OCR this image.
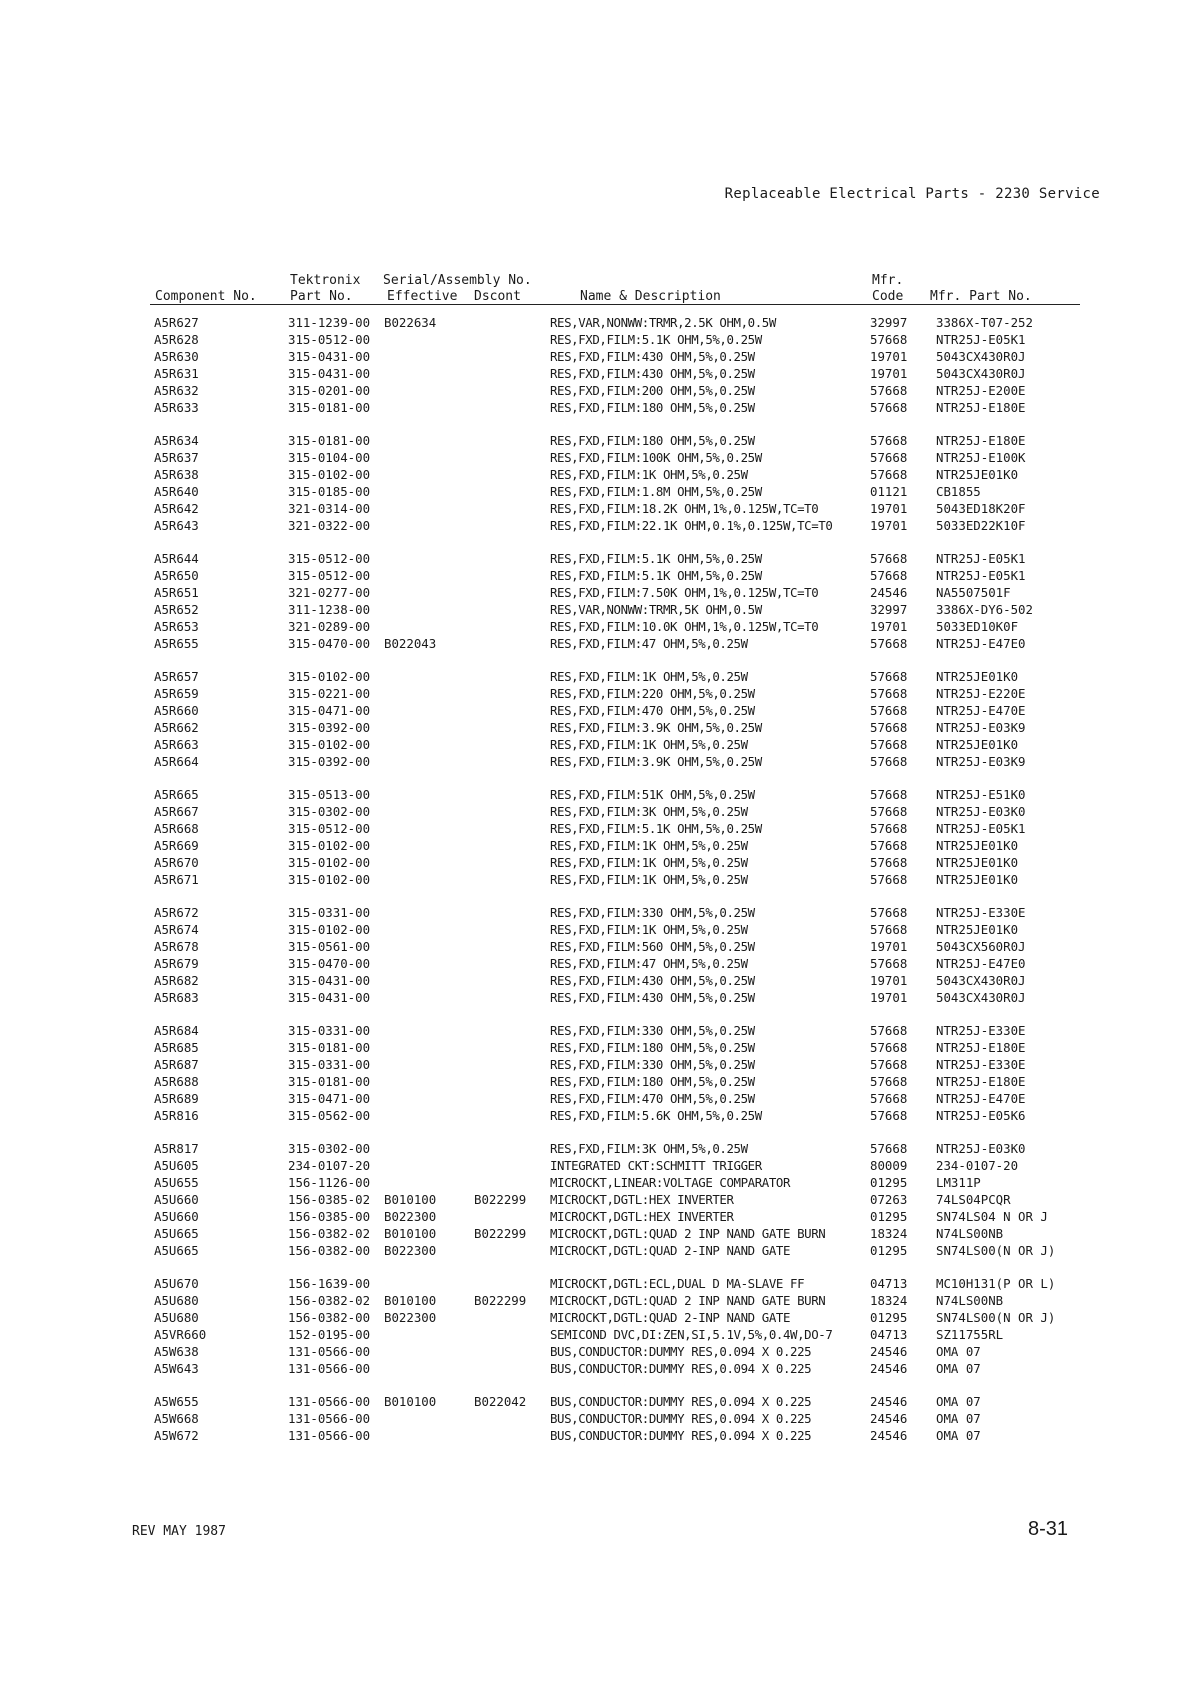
Replaceable Electrical Parts - 2230 Service
Tektronix Serial/Assembly No.	Mfr.
Component No.	Part No.	Effective Dscont	Name & Description	Code Mfr. Part No.
A5R627	311-1239-00 B022634	RES,VAR,NONWW:TRMR,2.5K OHM,0.5W	32997 3386X-T07-252
A5R628	315-0512-00	RES,FXD,FILM:5.1K OHM,5%,0.25W	57668 NTR25J-E05K1
A5R630	315-0431-00	RES,FXD,FILM:430 OHM,5%,0.25W	19701 5043CX430R0J
A5R631	315-0431-00	RES,FXD,FILM:430 OHM,5%,0.25W	19701 5043CX430R0J
A5R632	315-0201-00	RES,FXD,FILM:200 OHM,5%,0.25W	57668 NTR25J-E200E
A5R633	315-0181-00	RES,FXD,FILM:180 OHM,5%,0.25W	57668 NTR25J-E180E
A5R634	315-0181-00	RES,FXD,FILM:180 OHM,5%,0.25W	57668 NTR25J-E180E
A5R637	315-0104-00	RES,FXD,FILM:100K OHM,5%,0.25W	57668 NTR25J-E100K
A5R638	315-0102-00	RES,FXD,FILM:1K OHM,5%,0.25W	57668 NTR25JE01K0
A5R640	315-0185-00	RES,FXD,FILM:1.8M OHM,5%,0.25W	01121 CB1855
A5R642	321-0314-00	RES,FXD,FILM:18.2K OHM,1%,0.125W,TC=T0	19701 5043ED18K20F
A5R643	321-0322-00	RES,FXD,FILM:22.1K OHM,0.1%,0.125W,TC=T0	19701 5033ED22K10F
A5R644	315-0512-00	RES,FXD,FILM:5.1K OHM,5%,0.25W	57668 NTR25J-E05K1
A5R650	315-0512-00	RES,FXD,FILM:5.1K OHM,5%,0.25W	57668 NTR25J-E05K1
A5R651	321-0277-00	RES,FXD,FILM:7.50K OHM,1%,0.125W,TC=T0	24546 NA5507501F
A5R652	311-1238-00	RES,VAR,NONWW:TRMR,5K OHM,0.5W	32997 3386X-DY6-502
A5R653	321-0289-00	RES,FXD,FILM:10.0K OHM,1%,0.125W,TC=T0	19701 5033ED10K0F
A5R655	315-0470-00 B022043	RES,FXD,FILM:47 OHM,5%,0.25W	57668 NTR25J-E47E0
A5R657	315-0102-00	RES,FXD,FILM:1K OHM,5%,0.25W	57668 NTR25JE01K0
A5R659	315-0221-00	RES,FXD,FILM:220 OHM,5%,0.25W	57668 NTR25J-E220E
A5R660	315-0471-00	RES,FXD,FILM:470 OHM,5%,0.25W	57668 NTR25J-E470E
A5R662	315-0392-00	RES,FXD,FILM:3.9K OHM,5%,0.25W	57668 NTR25J-E03K9
A5R663	315-0102-00	RES,FXD,FILM:1K OHM,5%,0.25W	57668 NTR25JE01K0
A5R664	315-0392-00	RES,FXD,FILM:3.9K OHM,5%,0.25W	57668 NTR25J-E03K9
A5R665	315-0513-00	RES,FXD,FILM:51K OHM,5%,0.25W	57668 NTR25J-E51K0
A5R667	315-0302-00	RES,FXD,FILM:3K OHM,5%,0.25W	57668 NTR25J-E03K0
A5R668	315-0512-00	RES,FXD,FILM:5.1K OHM,5%,0.25W	57668 NTR25J-E05K1
A5R669	315-0102-00	RES,FXD,FILM:1K OHM,5%,0.25W	57668 NTR25JE01K0
A5R670	315-0102-00	RES,FXD,FILM:1K OHM,5%,0.25W	57668 NTR25JE01K0
A5R671	315-0102-00	RES,FXD,FILM:1K OHM,5%,0.25W	57668 NTR25JE01K0
A5R672	315-0331-00	RES,FXD,FILM:330 OHM,5%,0.25W	57668 NTR25J-E330E
A5R674	315-0102-00	RES,FXD,FILM:1K OHM,5%,0.25W	57668 NTR25JE01K0
A5R678	315-0561-00	RES,FXD,FILM:560 OHM,5%,0.25W	19701 5043CX560R0J
A5R679	315-0470-00	RES,FXD,FILM:47 OHM,5%,0.25W	57668 NTR25J-E47E0
A5R682	315-0431-00	RES,FXD,FILM:430 OHM,5%,0.25W	19701 5043CX430R0J
A5R683	315-0431-00	RES,FXD,FILM:430 OHM,5%,0.25W	19701 5043CX430R0J
A5R684	315-0331-00	RES,FXD,FILM:330 OHM,5%,0.25W	57668 NTR25J-E330E
A5R685	315-0181-00	RES,FXD,FILM:180 OHM,5%,0.25W	57668 NTR25J-E180E
A5R687	315-0331-00	RES,FXD,FILM:330 OHM,5%,0.25W	57668 NTR25J-E330E
A5R688	315-0181-00	RES,FXD,FILM:180 OHM,5%,0.25W	57668 NTR25J-E180E
A5R689	315-0471-00	RES,FXD,FILM:470 OHM,5%,0.25W	57668 NTR25J-E470E
A5R816	315-0562-00	RES,FXD,FILM:5.6K OHM,5%,0.25W	57668 NTR25J-E05K6
A5R817	315-0302-00	RES,FXD,FILM:3K OHM,5%,0.25W	57668 NTR25J-E03K0
A5U605	234-0107-20	INTEGRATED CKT:SCHMITT TRIGGER	80009 234-0107-20
A5U655	156-1126-00	MICROCKT,LINEAR:VOLTAGE COMPARATOR	01295 LM311P
A5U660	156-0385-02 B010100	B022299 MICROCKT,DGTL:HEX INVERTER	07263 74LS04PCQR
A5U660	156-0385-00 B022300	MICROCKT,DGTL:HEX INVERTER	01295 SN74LS04 N OR J
A5U665	156-0382-02 B010100	B022299 MICROCKT,DGTL:QUAD 2 INP NAND GATE BURN	18324 N74LS00NB
A5U665	156-0382-00 B022300	MICROCKT,DGTL:QUAD 2-INP NAND GATE	01295 SN74LS00(N OR J)
A5U670	156-1639-00	MICROCKT,DGTL:ECL,DUAL D MA-SLAVE FF	04713 MC10H131(P OR L)
A5U680	156-0382-02 B010100	B022299 MICROCKT,DGTL:QUAD 2 INP NAND GATE BURN	18324 N74LS00NB
A5U680	156-0382-00 B022300	MICROCKT,DGTL:QUAD 2-INP NAND GATE	01295 SN74LS00(N OR J)
A5VR660	152-0195-00	SEMICOND DVC,DI:ZEN,SI,5.1V,5%,0.4W,DO-7	04713 SZ11755RL
A5W638	131-0566-00	BUS,CONDUCTOR:DUMMY RES,0.094 X 0.225	24546 OMA 07
A5W643	131-0566-00	BUS,CONDUCTOR:DUMMY RES,0.094 X 0.225	24546 OMA 07
A5W655	131-0566-00 B010100	B022042 BUS,CONDUCTOR:DUMMY RES,0.094 X 0.225	24546 OMA 07
A5W668	131-0566-00	BUS,CONDUCTOR:DUMMY RES,0.094 X 0.225	24546 OMA 07
A5W672	131-0566-00	BUS,CONDUCTOR:DUMMY RES,0.094 X 0.225	24546 OMA 07
REV MAY 1987	8-31
